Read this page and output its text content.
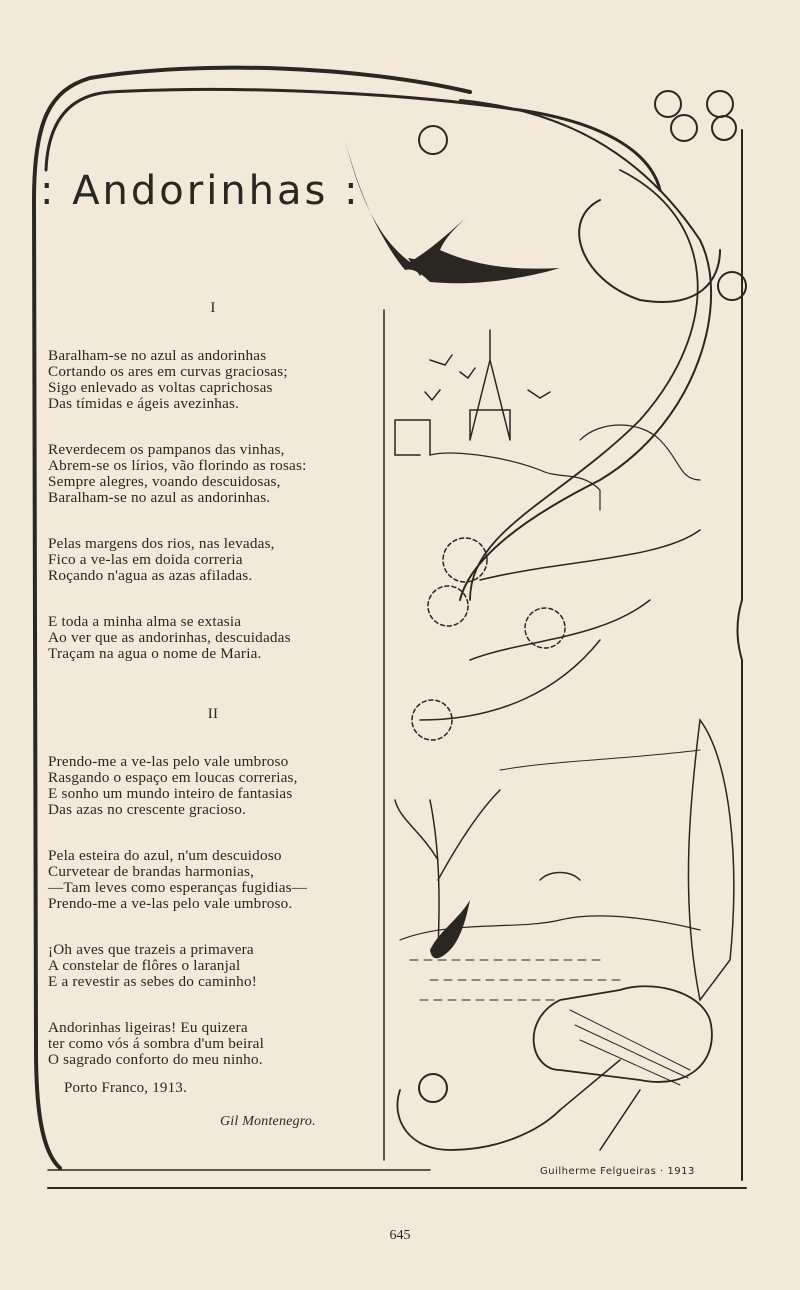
: Andorinhas :
I
Baralham-se no azul as andorinhas
Cortando os ares em curvas graciosas;
Sigo enlevado as voltas caprichosas
Das tímidas e ágeis avezinhas.
Reverdecem os pampanos das vinhas,
Abrem-se os lírios, vão florindo as rosas:
Sempre alegres, voando descuidosas,
Baralham-se no azul as andorinhas.
Pelas margens dos rios, nas levadas,
Fico a ve-las em doida correria
Roçando n'agua as azas afiladas.
E toda a minha alma se extasia
Ao ver que as andorinhas, descuidadas
Traçam na agua o nome de Maria.
II
Prendo-me a ve-las pelo vale umbroso
Rasgando o espaço em loucas correrias,
E sonho um mundo inteiro de fantasias
Das azas no crescente gracioso.
Pela esteira do azul, n'um descuidoso
Curvetear de brandas harmonias,
—Tam leves como esperanças fugidias—
Prendo-me a ve-las pelo vale umbroso.
¡Oh aves que trazeis a primavera
A constelar de flôres o laranjal
E a revestir as sebes do caminho!
Andorinhas ligeiras! Eu quizera
ter como vós á sombra d'um beiral
O sagrado conforto do meu ninho.
Porto Franco, 1913.
Gil Montenegro.
Guilherme Felgueiras · 1913
645
